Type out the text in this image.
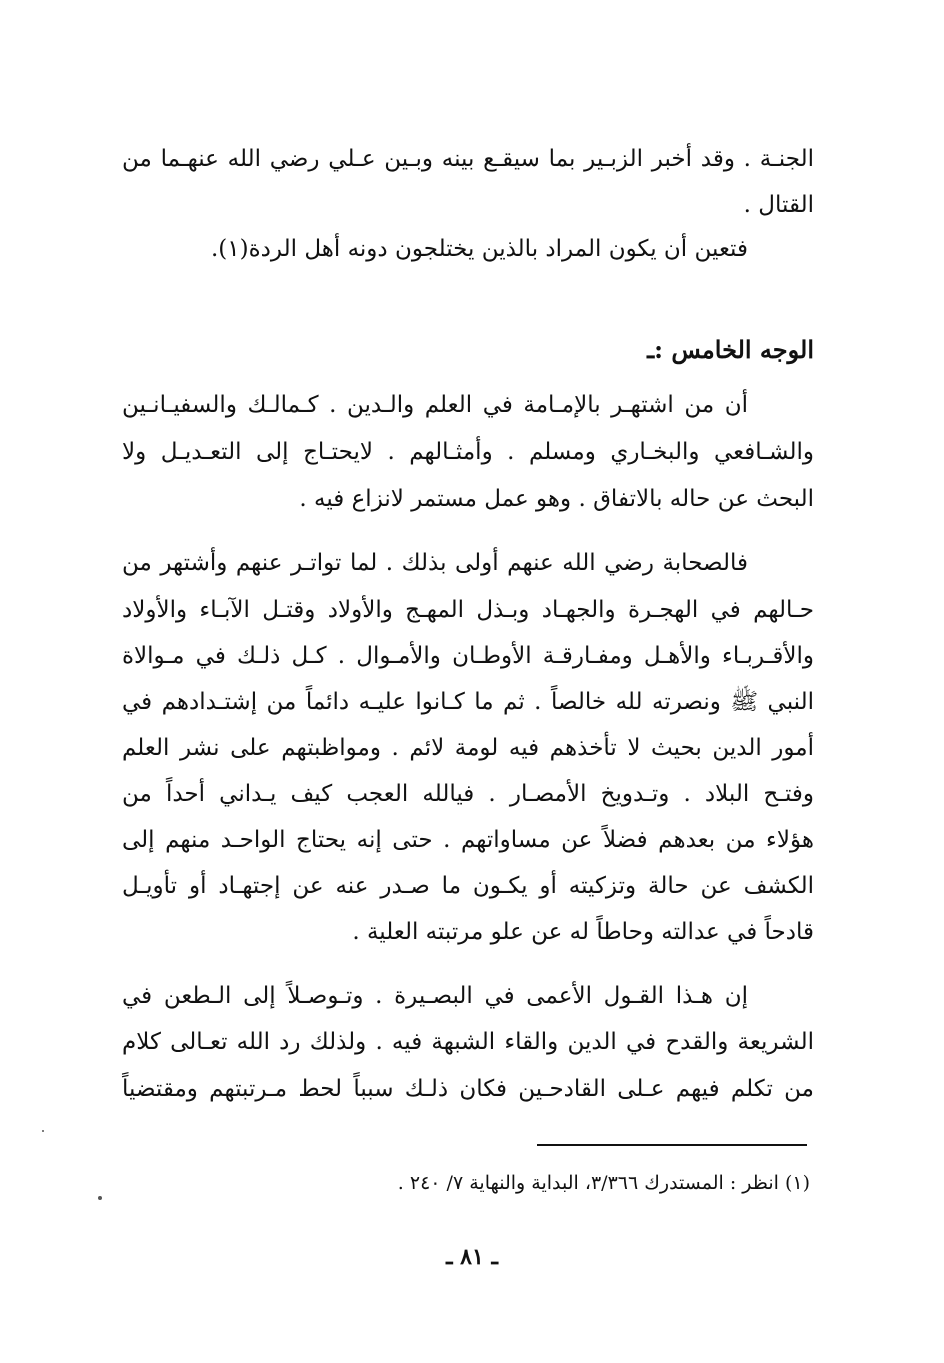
الجنـة . وقد أخبر الزبـير بما سيقـع بينه وبـين عـلي رضي الله عنهـما من
القتال .
فتعين أن يكون المراد بالذين يختلجون دونه أهل الردة(١).
الوجه الخامس :ـ
أن من اشتهـر بالإمـامة في العلم والـدين . كـمالـك والسفيـانـين
والشـافعي والبخـاري ومسلم . وأمثـالهم . لايحتـاج إلى التعـديـل ولا
البحث عن حاله بالاتفاق . وهو عمل مستمر لانزاع فيه .
فالصحابة رضي الله عنهم أولى بذلك . لما تواتـر عنهم وأشتهر من
حـالهم في الهجـرة والجهـاد وبـذل المهـج والأولاد وقتـل الآبـاء والأولاد
والأقـربـاء والأهـل ومفـارقـة الأوطـان والأمـوال . كـل ذلـك في مـوالاة
النبي ﷺ ونصرته لله خالصاً . ثم ما كـانوا عليـه دائماً من إشتـدادهم في
أمور الدين بحيث لا تأخذهم فيه لومة لائم . ومواظبتهم على نشر العلم
وفتـح البلاد . وتـدويخ الأمصـار . فيالله العجب كيف يـداني أحداً من
هؤلاء من بعدهم فضلاً عن مساواتهم . حتى إنه يحتاج الواحـد منهم إلى
الكشف عن حالة وتزكيته أو يكـون ما صـدر عنه عن إجتهـاد أو تأويـل
قادحاً في عدالته وحاطاً له عن علو مرتبته العلية .
إن هـذا القـول الأعمى في البصـيرة . وتـوصـلاً إلى الـطعن في
الشريعة والقدح في الدين والقاء الشبهة فيه . ولذلك رد الله تعـالى كلام
من تكلم فيهم عـلى القادحـين فكان ذلـك سبباً لحط مـرتبتهم ومقتضياً
(١) انظر : المستدرك ٣/٣٦٦، البداية والنهاية ٧/ ٢٤٠ .
ـ ٨١ ـ
